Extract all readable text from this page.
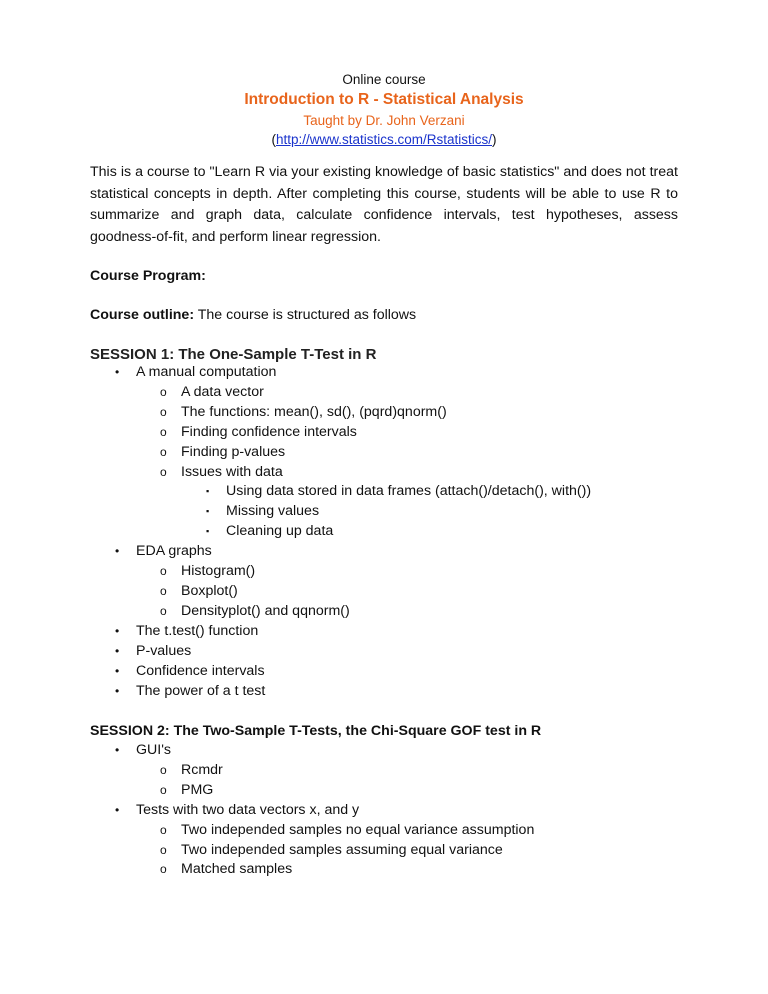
Online course
Introduction to R - Statistical Analysis
Taught by Dr. John Verzani
(http://www.statistics.com/Rstatistics/)
This is a course to "Learn R via your existing knowledge of basic statistics" and does not treat statistical concepts in depth. After completing this course, students will be able to use R to summarize and graph data, calculate confidence intervals, test hypotheses, assess goodness-of-fit, and perform linear regression.
Course Program:
Course outline: The course is structured as follows
SESSION 1: The One-Sample T-Test in R
• A manual computation
o A data vector
o The functions: mean(), sd(), (pqrd)qnorm()
o Finding confidence intervals
o Finding p-values
o Issues with data
▪ Using data stored in data frames (attach()/detach(), with())
▪ Missing values
▪ Cleaning up data
• EDA graphs
o Histogram()
o Boxplot()
o Densityplot() and qqnorm()
• The t.test() function
• P-values
• Confidence intervals
• The power of a t test
SESSION 2: The Two-Sample T-Tests, the Chi-Square GOF test in R
• GUI's
o Rcmdr
o PMG
• Tests with two data vectors x, and y
o Two independed samples no equal variance assumption
o Two independed samples assuming equal variance
o Matched samples
